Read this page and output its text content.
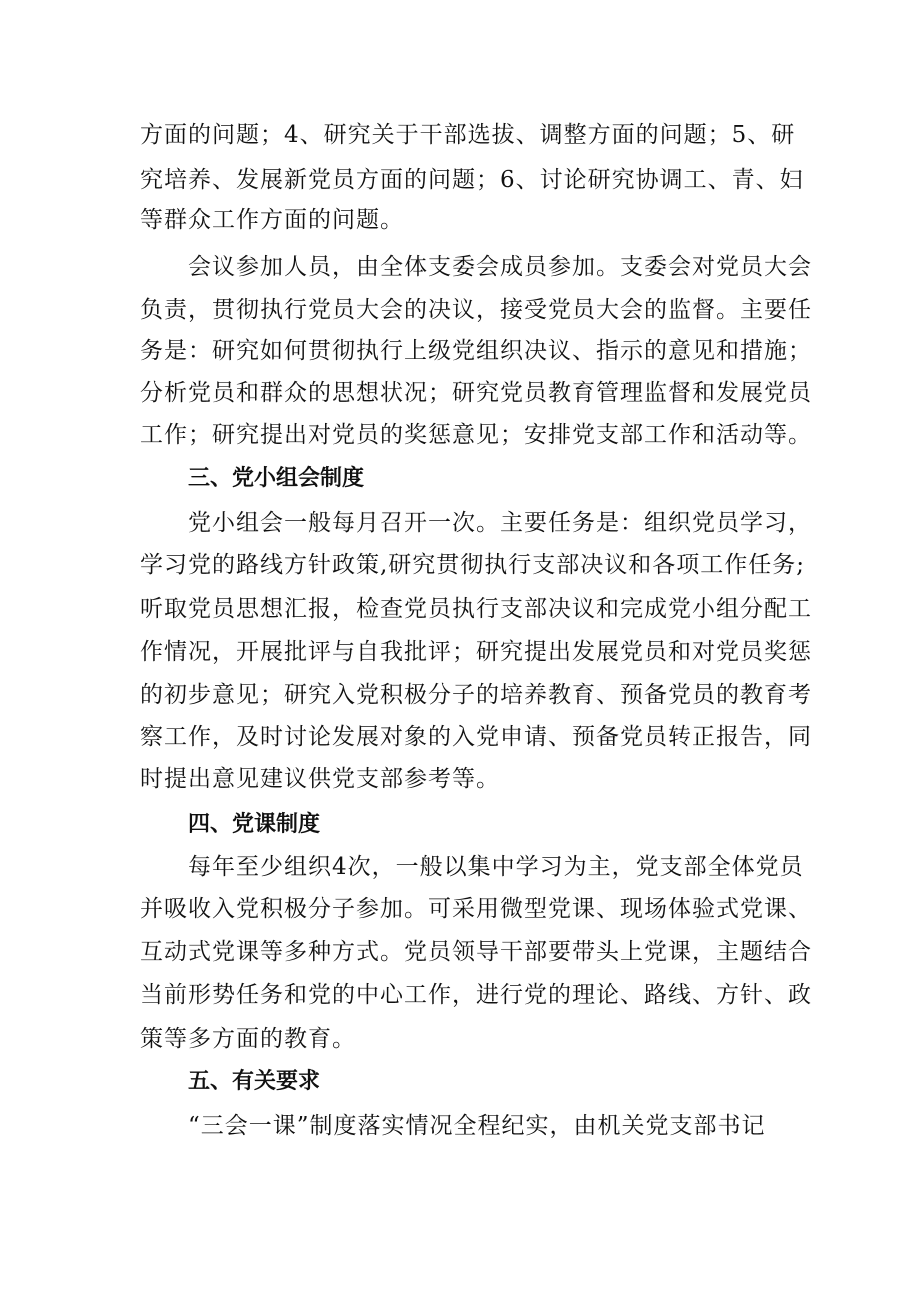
方面的问题；4、研究关于干部选拔、调整方面的问题；5、研
究培养、发展新党员方面的问题；6、讨论研究协调工、青、妇
等群众工作方面的问题。
会议参加人员，由全体支委会成员参加。支委会对党员大会
负责，贯彻执行党员大会的决议，接受党员大会的监督。主要任
务是：研究如何贯彻执行上级党组织决议、指示的意见和措施；
分析党员和群众的思想状况；研究党员教育管理监督和发展党员
工作；研究提出对党员的奖惩意见；安排党支部工作和活动等。
三、党小组会制度
党小组会一般每月召开一次。主要任务是：组织党员学习，
学习党的路线方针政策,研究贯彻执行支部决议和各项工作任务;
听取党员思想汇报，检查党员执行支部决议和完成党小组分配工
作情况，开展批评与自我批评；研究提出发展党员和对党员奖惩
的初步意见；研究入党积极分子的培养教育、预备党员的教育考
察工作，及时讨论发展对象的入党申请、预备党员转正报告，同
时提出意见建议供党支部参考等。
四、党课制度
每年至少组织4次，一般以集中学习为主，党支部全体党员
并吸收入党积极分子参加。可采用微型党课、现场体验式党课、
互动式党课等多种方式。党员领导干部要带头上党课，主题结合
当前形势任务和党的中心工作，进行党的理论、路线、方针、政
策等多方面的教育。
五、有关要求
“三会一课”制度落实情况全程纪实，由机关党支部书记
